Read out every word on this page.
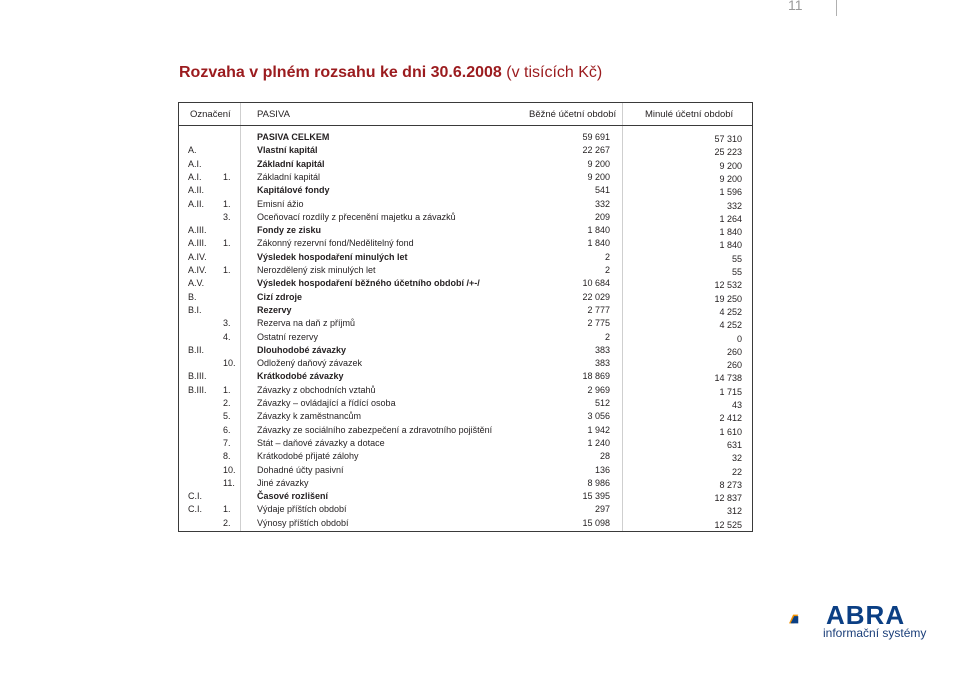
11
Rozvaha v plném rozsahu ke dni 30.6.2008 (v tisících Kč)
Označení	PASIVA	Běžné účetní období	Minulé účetní období
PASIVA CELKEM	59 691	57 310
A.	Vlastní kapitál	22 267	25 223
A.I.	Základní kapitál	9 200	9 200
A.I. 1.	Základní kapitál	9 200	9 200
A.II.	Kapitálové fondy	541	1 596
A.II. 1.	Emisní ážio	332	332
3.	Oceňovací rozdíly z přecenění majetku a závazků	209	1 264
A.III.	Fondy ze zisku	1 840	1 840
A.III. 1.	Zákonný rezervní fond/Nedělitelný fond	1 840	1 840
A.IV.	Výsledek hospodaření minulých let	2	55
A.IV. 1.	Nerozdělený zisk minulých let	2	55
A.V.	Výsledek hospodaření běžného účetního období /+-/	10 684	12 532
B.	Cizí zdroje	22 029	19 250
B.I.	Rezervy	2 777	4 252
3.	Rezerva na daň z příjmů	2 775	4 252
4.	Ostatní rezervy	2	0
B.II.	Dlouhodobé závazky	383	260
10. Odložený daňový závazek	383	260
B.III.	Krátkodobé závazky	18 869	14 738
B.III. 1.	Závazky z obchodních vztahů	2 969	1 715
2.	Závazky – ovládající a řídící osoba	512	43
5.	Závazky k zaměstnancům	3 056	2 412
6.	Závazky ze sociálního zabezpečení a zdravotního pojištění	1 942	1 610
7.	Stát – daňové závazky a dotace	1 240	631
8.	Krátkodobé přijaté zálohy	28	32
10. Dohadné účty pasivní	136	22
11. Jiné závazky	8 986	8 273
C.I.	Časové rozlišení	15 395	12 837
C.I. 1.	Výdaje příštích období	297	312
2.	Výnosy příštích období	15 098	12 525
ABRA
informační systémy
